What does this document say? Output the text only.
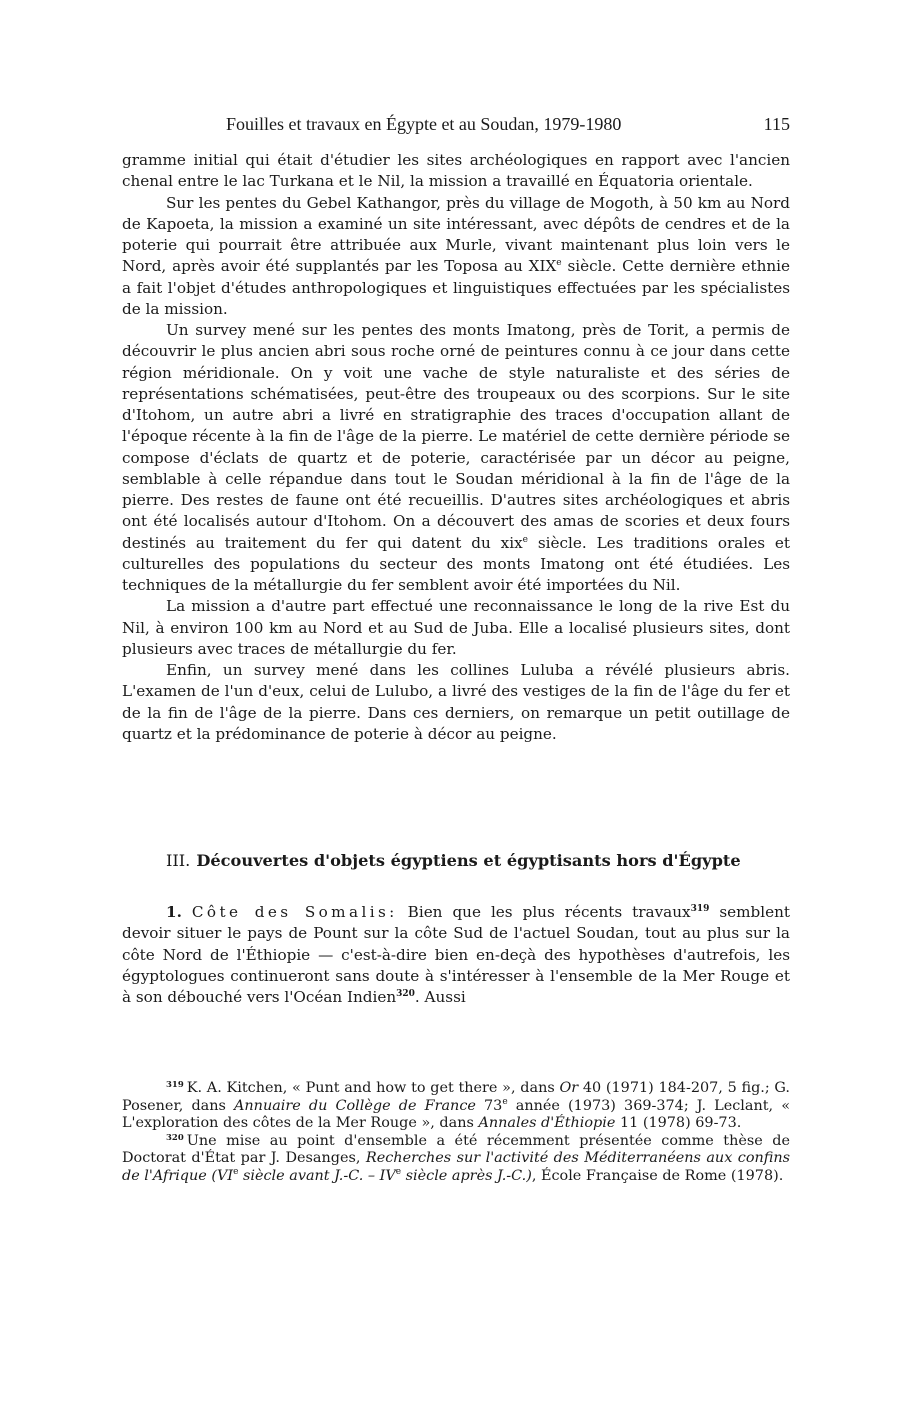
Fouilles et travaux en Égypte et au Soudan, 1979-1980	115

gramme initial qui était d'étudier les sites archéologiques en rapport avec l'ancien chenal entre le lac Turkana et le Nil, la mission a travaillé en Équatoria orientale.

Sur les pentes du Gebel Kathangor, près du village de Mogoth, à 50 km au Nord de Kapoeta, la mission a examiné un site intéressant, avec dépôts de cendres et de la poterie qui pourrait être attribuée aux Murle, vivant maintenant plus loin vers le Nord, après avoir été supplantés par les Toposa au XIXe siècle. Cette dernière ethnie a fait l'objet d'études anthropologiques et linguistiques effectuées par les spécialistes de la mission.

Un survey mené sur les pentes des monts Imatong, près de Torit, a permis de découvrir le plus ancien abri sous roche orné de peintures connu à ce jour dans cette région méridionale. On y voit une vache de style naturaliste et des séries de représentations schématisées, peut-être des troupeaux ou des scorpions. Sur le site d'Itohom, un autre abri a livré en stratigraphie des traces d'occupation allant de l'époque récente à la fin de l'âge de la pierre. Le matériel de cette dernière période se compose d'éclats de quartz et de poterie, caractérisée par un décor au peigne, semblable à celle répandue dans tout le Soudan méridional à la fin de l'âge de la pierre. Des restes de faune ont été recueillis. D'autres sites archéologiques et abris ont été localisés autour d'Itohom. On a découvert des amas de scories et deux fours destinés au traitement du fer qui datent du xix$^e$ siècle. Les traditions orales et culturelles des populations du secteur des monts Imatong ont été étudiées. Les techniques de la métallurgie du fer semblent avoir été importées du Nil.

La mission a d'autre part effectué une reconnaissance le long de la rive Est du Nil, à environ 100 km au Nord et au Sud de Juba. Elle a localisé plusieurs sites, dont plusieurs avec traces de métallurgie du fer.

Enfin, un survey mené dans les collines Luluba a révélé plusieurs abris. L'examen de l'un d'eux, celui de Lulubo, a livré des vestiges de la fin de l'âge du fer et de la fin de l'âge de la pierre. Dans ces derniers, on remarque un petit outillage de quartz et la prédominance de poterie à décor au peigne.

III. Découvertes d'objets égyptiens et égyptisants hors d'Égypte

1. Côte des Somalis: Bien que les plus récents travaux$^{319}$ semblent devoir situer le pays de Pount sur la côte Sud de l'actuel Soudan, tout au plus sur la côte Nord de l'Éthiopie — c'est-à-dire bien en-deçà des hypothèses d'autrefois, les égyptologues continueront sans doute à s'intéresser à l'ensemble de la Mer Rouge et à son débouché vers l'Océan Indien$^{320}$. Aussi

$^{319}$ K. A. Kitchen, « Punt and how to get there », dans Or 40 (1971) 184-207, 5 fig.; G. Posener, dans Annuaire du Collège de France 73e année (1973) 369-374; J. Leclant, « L'exploration des côtes de la Mer Rouge », dans Annales d'Éthiopie 11 (1978) 69-73.

$^{320}$ Une mise au point d'ensemble a été récemment présentée comme thèse de Doctorat d'État par J. Desanges, Recherches sur l'activité des Méditerranéens aux confins de l'Afrique (VIe siècle avant J.-C. – IVe siècle après J.-C.), École Française de Rome (1978).
